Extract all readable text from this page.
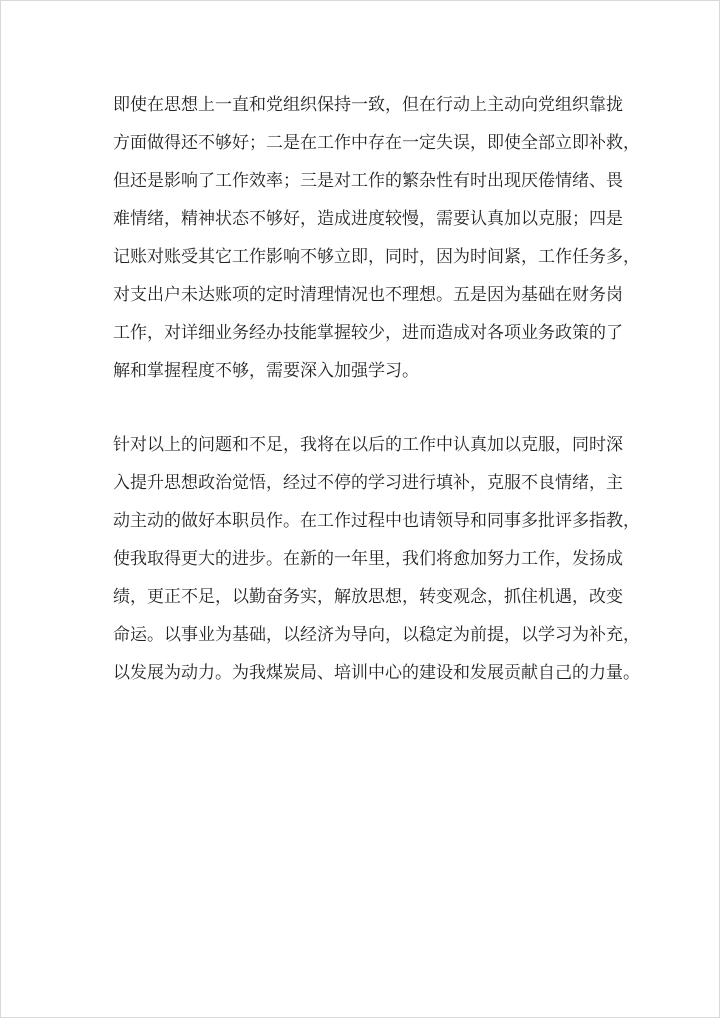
即使在思想上一直和党组织保持一致，但在行动上主动向党组织靠拢

方面做得还不够好；二是在工作中存在一定失误，即使全部立即补救，

但还是影响了工作效率；三是对工作的繁杂性有时出现厌倦情绪、畏

难情绪，精神状态不够好，造成进度较慢，需要认真加以克服；四是

记账对账受其它工作影响不够立即，同时，因为时间紧，工作任务多，

对支出户未达账项的定时清理情况也不理想。五是因为基础在财务岗

工作，对详细业务经办技能掌握较少，进而造成对各项业务政策的了

解和掌握程度不够，需要深入加强学习。

针对以上的问题和不足，我将在以后的工作中认真加以克服，同时深

入提升思想政治觉悟，经过不停的学习进行填补，克服不良情绪，主

动主动的做好本职员作。在工作过程中也请领导和同事多批评多指教，

使我取得更大的进步。在新的一年里，我们将愈加努力工作，发扬成

绩，更正不足，以勤奋务实，解放思想，转变观念，抓住机遇，改变

命运。以事业为基础，以经济为导向，以稳定为前提，以学习为补充，

以发展为动力。为我煤炭局、培训中心的建设和发展贡献自己的力量。
